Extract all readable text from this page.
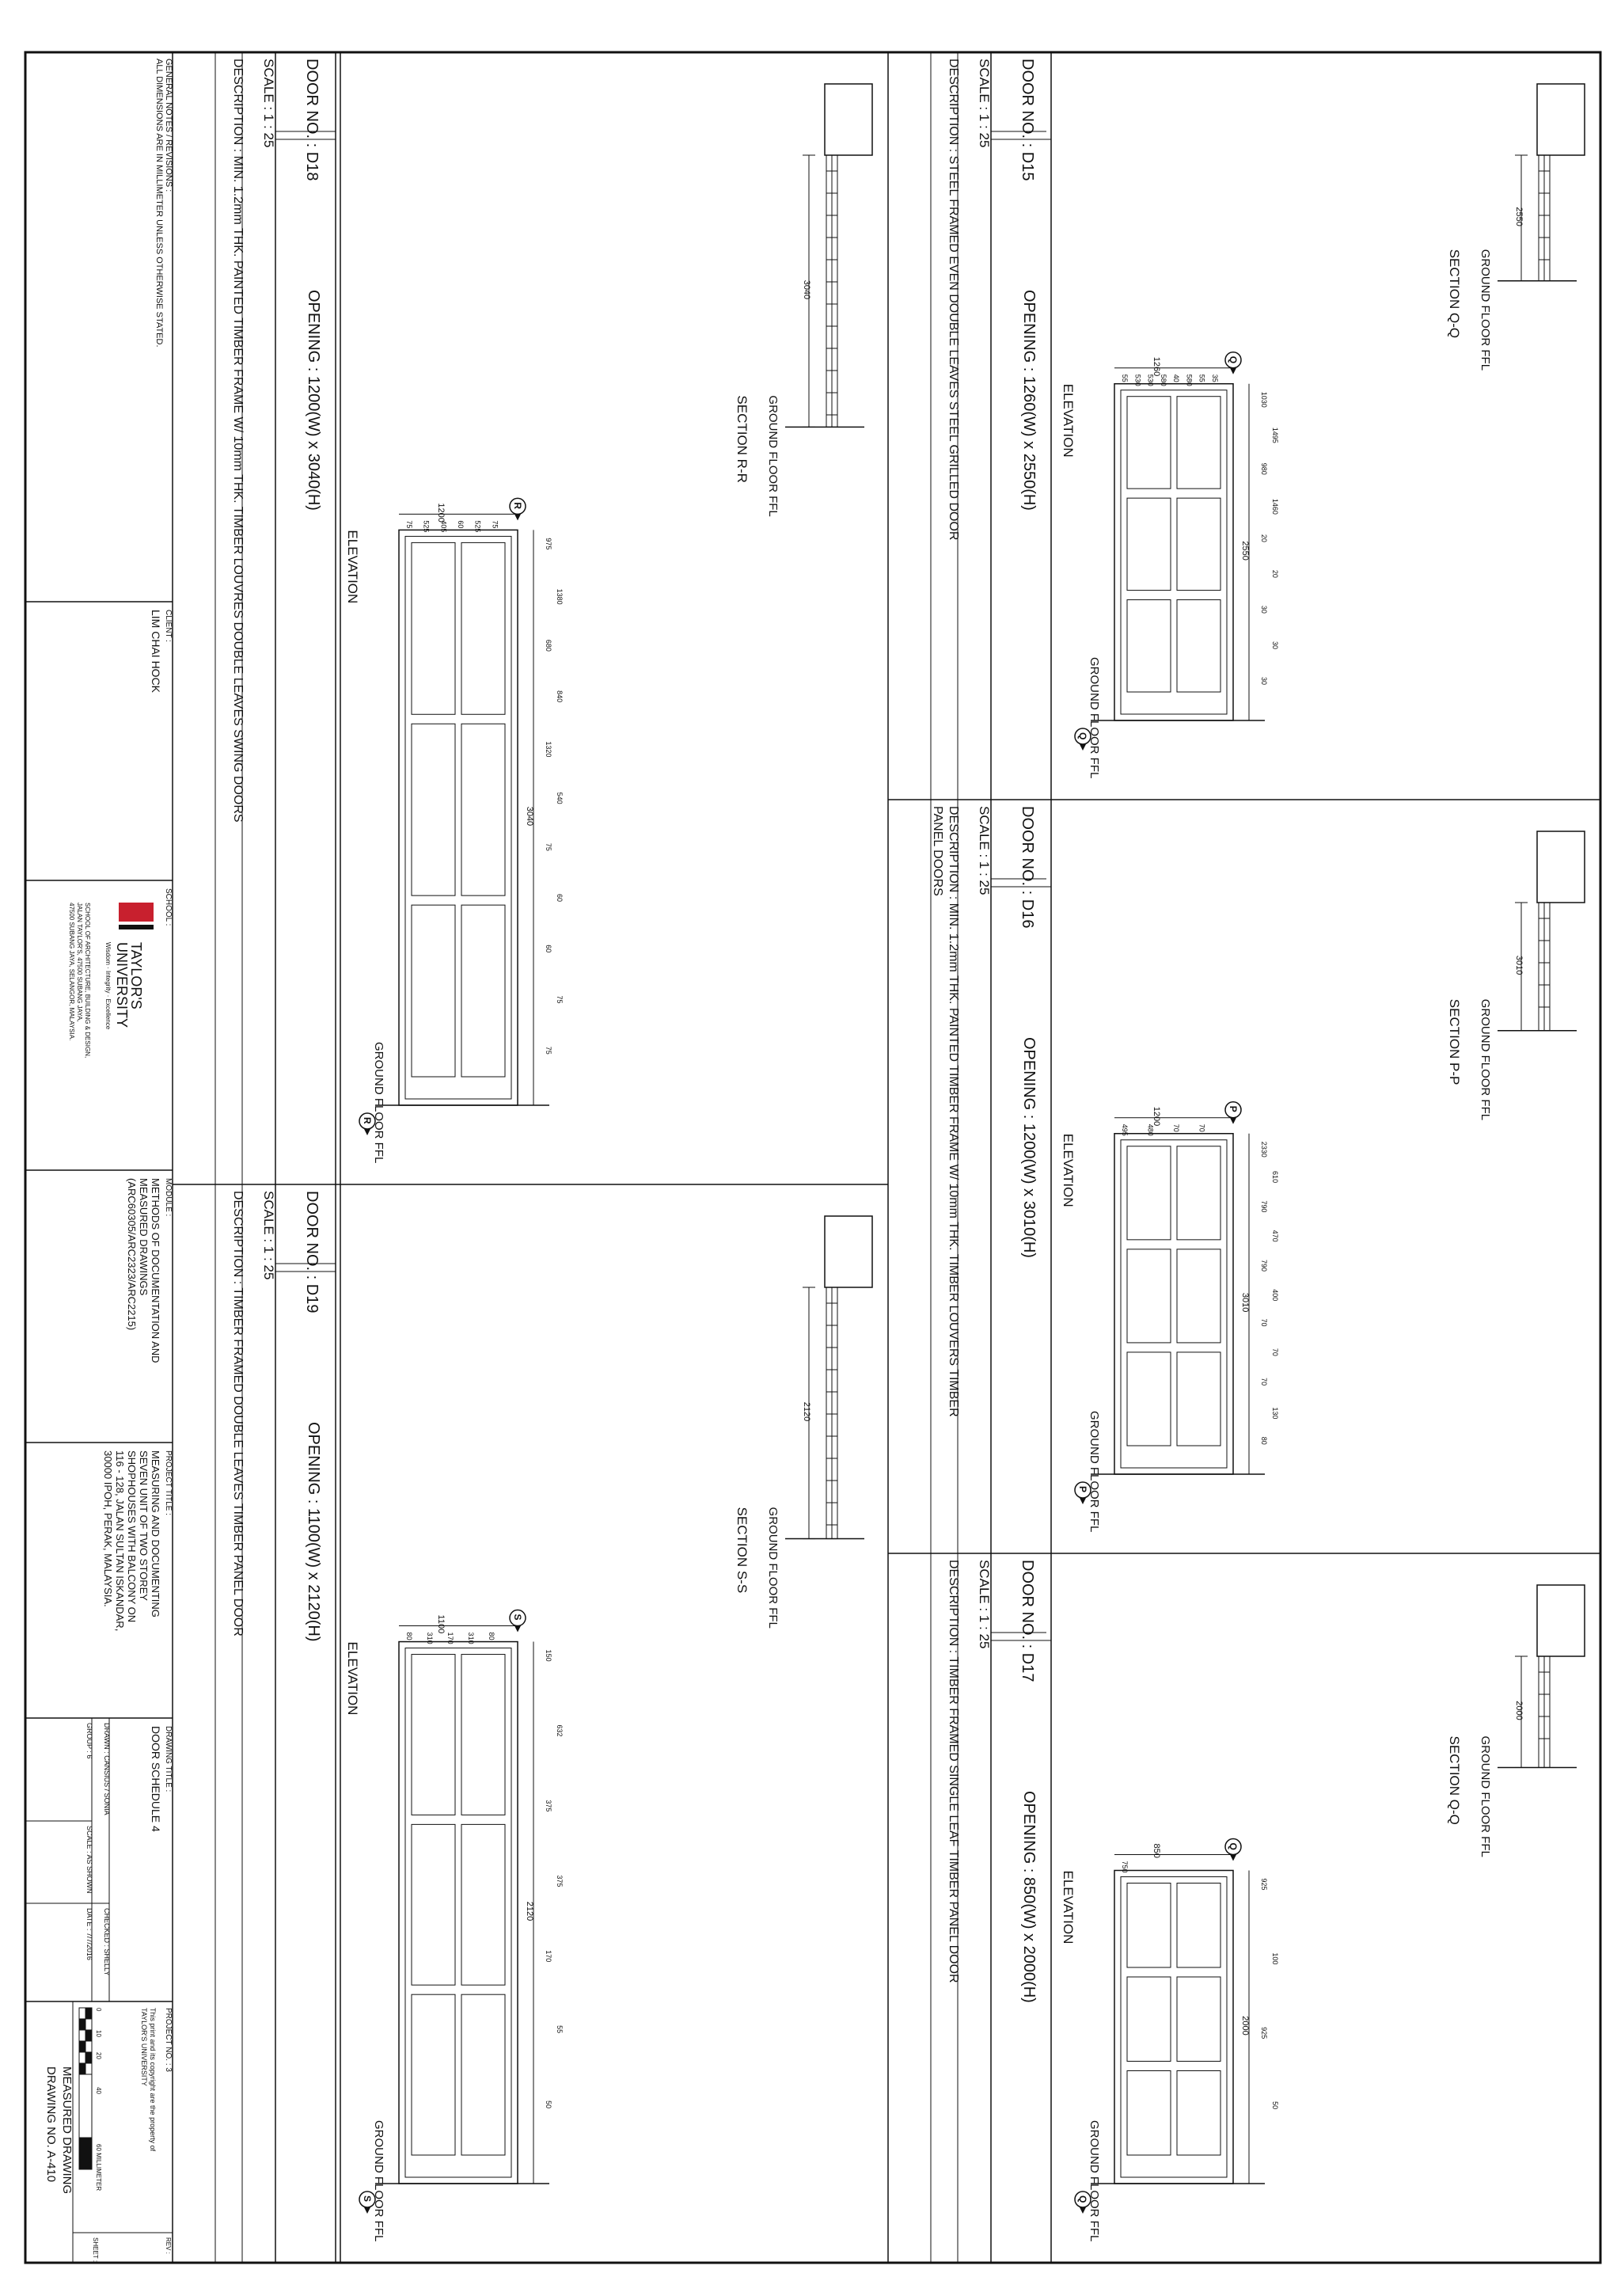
GENERAL NOTES / REVISIONS :
ALL DIMENSIONS ARE IN MILLIMETER UNLESS OTHERWISE STATED.
CLIENT :
LIM CHAI HOCK
SCHOOL :
TAYLOR'S
UNIVERSITY
Wisdom · Integrity · Excellence
SCHOOL OF ARCHITECTURE, BUILDING & DESIGN,
JALAN TAYLOR'S, 47500 SUBANG JAYA,
47500 SUBANG JAYA, SELANGOR, MALAYSIA.
MODULE :
METHODS OF DOCUMENTATION AND
MEASURED DRAWINGS
(ARC60305/ARC2323/ARC2215)
PROJECT TITLE :
MEASURING AND DOCUMENTING
SEVEN UNIT OF TWO STOREY
SHOPHOUSES WITH BALCONY ON
116 - 128, JALAN SULTAN ISKANDAR,
30000 IPOH, PERAK, MALAYSIA.
DRAWING TITLE :
DOOR SCHEDULE 4
DRAWN : CANSIUS / SONIA
CHECKED : SHELLY
GROUP : 6
SCALE : AS SHOWN
DATE : 7/7/2016
PROJECT NO. : 3
This print and its copyright are the property of
TAYLOR'S UNIVERSITY
0
10
20
40
60 MILLIMETER
REV :
SHEET :
MEASURED DRAWING
DRAWING NO. A-410
DOOR NO. : D15
OPENING : 1260(W) x 2550(H)
SCALE : 1 : 25
DESCRIPTION : STEEL FRAMED EVEN DOUBLE LEAVES STEEL GRILLED DOOR	2550
SECTION Q-Q GROUND FLOOR FFL
2550
1260
1030
1495
980
1460
20
20
30
30
30
55 530 530 580 40 580 55 35
Q
Q
ELEVATION
GROUND FLOOR FFL
DOOR NO. : D16
OPENING : 1200(W) x 3010(H)
SCALE : 1 : 25
DESCRIPTION : MIN. 1.2mm THK. PAINTED TIMBER FRAME W/ 10mm THK. TIMBER LOUVERS TIMBER
PANEL DOORS
3010
SECTION P-P GROUND FLOOR FFL
3010
1200
2330
610
790
470
790
400
70
70
70
130
80
495	480	70	70
P
P
ELEVATION
GROUND FLOOR FFL
DOOR NO. : D17
OPENING : 850(W) x 2000(H)
SCALE : 1 : 25
DESCRIPTION : TIMBER FRAMED SINGLE LEAF TIMBER PANEL DOOR	2000
SECTION Q-Q GROUND FLOOR FFL
2000
850
925
100
925
50
750
Q
Q
ELEVATION
GROUND FLOOR FFL
DOOR NO. : D18
OPENING : 1200(W) x 3040(H)
SCALE : 1 : 25
DESCRIPTION : MIN. 1.2mm THK. PAINTED TIMBER FRAME W/ 10mm THK. TIMBER LOUVRES DOUBLE LEAVES SWING DOORS	3040
SECTION R-R GROUND FLOOR FFL
3040
1200
975
1380
680
840
1320
540
75
60
60
75
75
75 525 405 60 525 75
R
R
ELEVATION
GROUND FLOOR FFL
DOOR NO. : D19
OPENING : 1100(W) x 2120(H)
SCALE : 1 : 25
DESCRIPTION : TIMBER FRAMED DOUBLE LEAVES TIMBER PANEL DOOR	2120
SECTION S-S GROUND FLOOR FFL
2120
1100
150
632
375
375
170
55
50
80 310 170 310 80
S
S
ELEVATION
GROUND FLOOR FFL
